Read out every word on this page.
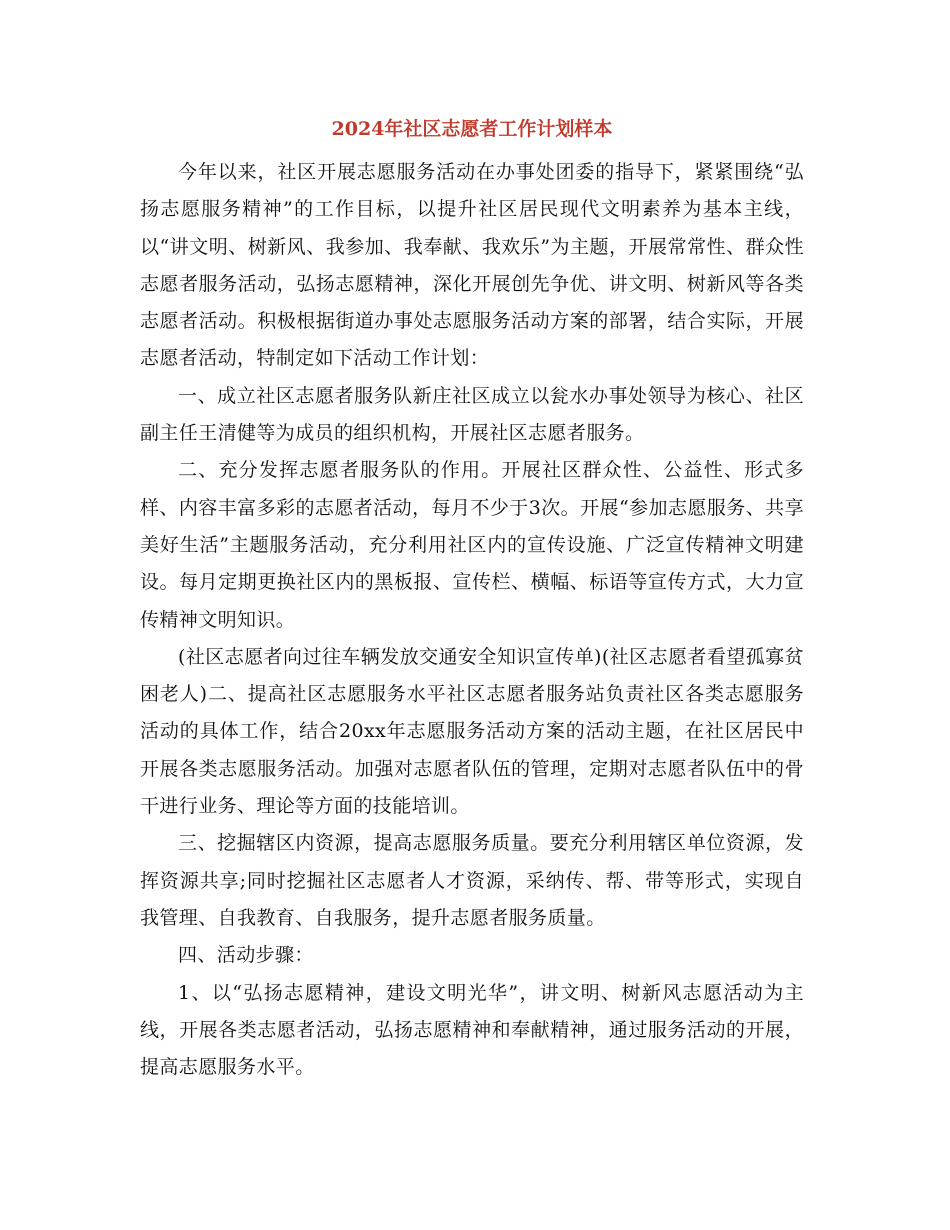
2024年社区志愿者工作计划样本

今年以来，社区开展志愿服务活动在办事处团委的指导下，紧紧围绕“弘扬志愿服务精神”的工作目标，以提升社区居民现代文明素养为基本主线，以“讲文明、树新风、我参加、我奉献、我欢乐”为主题，开展常常性、群众性志愿者服务活动，弘扬志愿精神，深化开展创先争优、讲文明、树新风等各类志愿者活动。积极根据街道办事处志愿服务活动方案的部署，结合实际，开展志愿者活动，特制定如下活动工作计划：

一、成立社区志愿者服务队新庄社区成立以瓮水办事处领导为核心、社区副主任王清健等为成员的组织机构，开展社区志愿者服务。

二、充分发挥志愿者服务队的作用。开展社区群众性、公益性、形式多样、内容丰富多彩的志愿者活动，每月不少于3次。开展“参加志愿服务、共享美好生活”主题服务活动，充分利用社区内的宣传设施、广泛宣传精神文明建设。每月定期更换社区内的黑板报、宣传栏、横幅、标语等宣传方式，大力宣传精神文明知识。

(社区志愿者向过往车辆发放交通安全知识宣传单)(社区志愿者看望孤寡贫困老人)二、提高社区志愿服务水平社区志愿者服务站负责社区各类志愿服务活动的具体工作，结合20xx年志愿服务活动方案的活动主题，在社区居民中开展各类志愿服务活动。加强对志愿者队伍的管理，定期对志愿者队伍中的骨干进行业务、理论等方面的技能培训。

三、挖掘辖区内资源，提高志愿服务质量。要充分利用辖区单位资源，发挥资源共享;同时挖掘社区志愿者人才资源，采纳传、帮、带等形式，实现自我管理、自我教育、自我服务，提升志愿者服务质量。

四、活动步骤：

1、以“弘扬志愿精神，建设文明光华”，讲文明、树新风志愿活动为主线，开展各类志愿者活动，弘扬志愿精神和奉献精神，通过服务活动的开展，提高志愿服务水平。
